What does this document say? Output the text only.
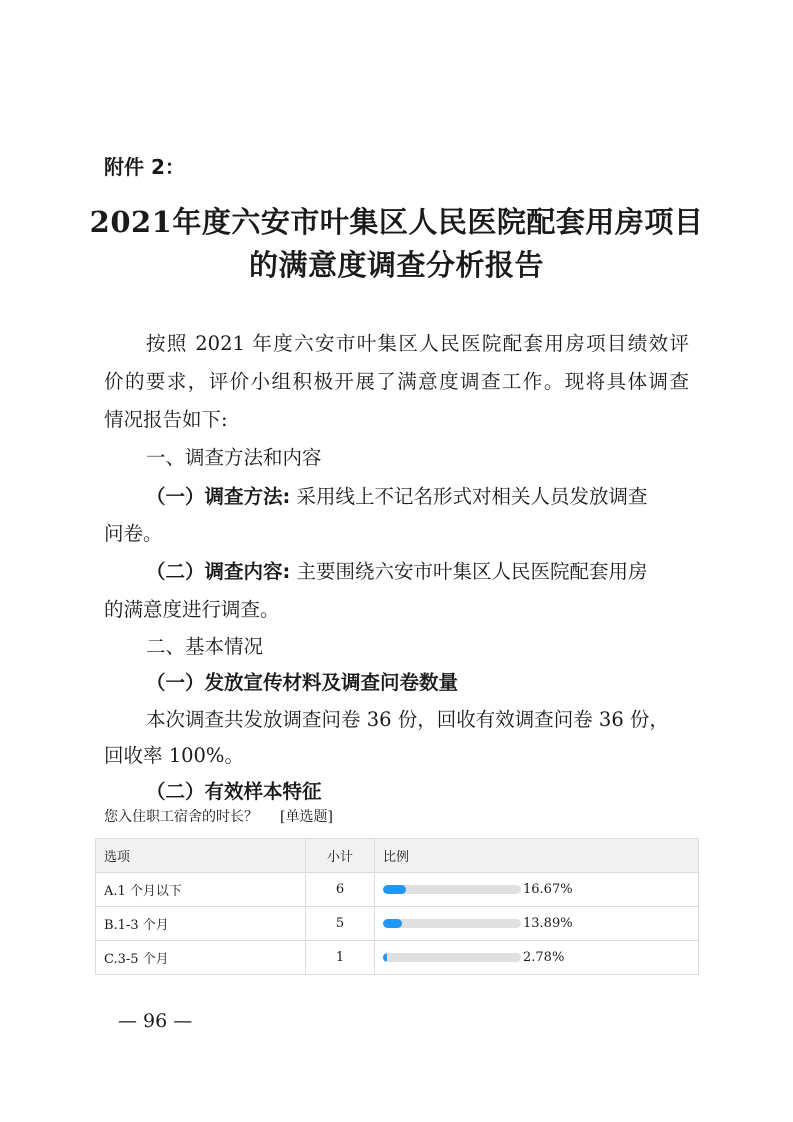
附件 2：
2021年度六安市叶集区人民医院配套用房项目
的满意度调查分析报告
按照 2021 年度六安市叶集区人民医院配套用房项目绩效评
价的要求，评价小组积极开展了满意度调查工作。现将具体调查
情况报告如下:
一、调查方法和内容
（一）调查方法: 采用线上不记名形式对相关人员发放调查
问卷。
（二）调查内容: 主要围绕六安市叶集区人民医院配套用房
的满意度进行调查。
二、基本情况
（一）发放宣传材料及调查问卷数量
本次调查共发放调查问卷 36 份，回收有效调查问卷 36 份，
回收率 100%。
（二）有效样本特征
您入住职工宿舍的时长？ [单选题]
选项	小计	比例
A.1 个月以下	6	16.67%
B.1-3 个月	5	13.89%
C.3-5 个月	1	2.78%
— 96 —
